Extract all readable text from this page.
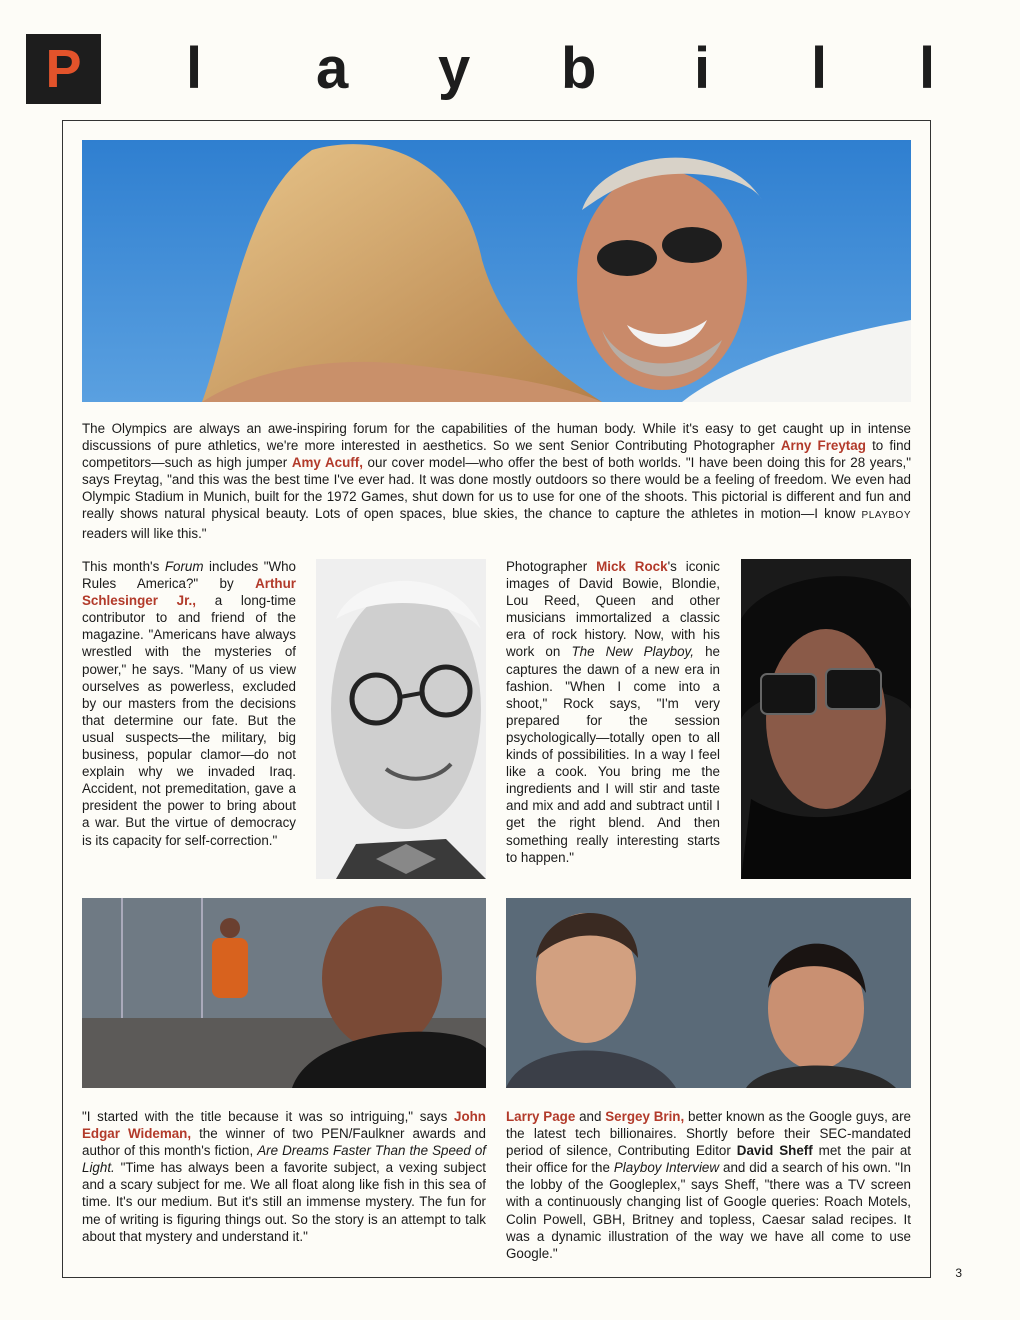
P	l a y b i l l
The Olympics are always an awe-inspiring forum for the capabilities of the human body. While it's easy to get caught up in intense discussions of pure athletics, we're more interested in aesthetics. So we sent Senior Contributing Photographer Arny Freytag to find competitors—such as high jumper Amy Acuff, our cover model—who offer the best of both worlds. "I have been doing this for 28 years," says Freytag, "and this was the best time I've ever had. It was done mostly outdoors so there would be a feeling of freedom. We even had Olympic Stadium in Munich, built for the 1972 Games, shut down for us to use for one of the shoots. This pictorial is different and fun and really shows natural physical beauty. Lots of open spaces, blue skies, the chance to capture the athletes in motion—I know PLAYBOY readers will like this."
This month's Forum includes "Who Rules America?" by Arthur Schlesinger Jr., a long-time contributor to and friend of the magazine. "Americans have always wrestled with the mysteries of power," he says. "Many of us view ourselves as powerless, excluded by our masters from the decisions that determine our fate. But the usual suspects—the military, big business, popular clamor—do not explain why we invaded Iraq. Accident, not premeditation, gave a president the power to bring about a war. But the virtue of democracy is its capacity for self-correction."
Photographer Mick Rock's iconic images of David Bowie, Blondie, Lou Reed, Queen and other musicians immortalized a classic era of rock history. Now, with his work on The New Playboy, he captures the dawn of a new era in fashion. "When I come into a shoot," Rock says, "I'm very prepared for the session psychologically—totally open to all kinds of possibilities. In a way I feel like a cook. You bring me the ingredients and I will stir and taste and mix and add and subtract until I get the right blend. And then something really interesting starts to happen."
"I started with the title because it was so intriguing," says John Edgar Wideman, the winner of two PEN/Faulkner awards and author of this month's fiction, Are Dreams Faster Than the Speed of Light. "Time has always been a favorite subject, a vexing subject and a scary subject for me. We all float along like fish in this sea of time. It's our medium. But it's still an immense mystery. The fun for me of writing is figuring things out. So the story is an attempt to talk about that mystery and understand it."
Larry Page and Sergey Brin, better known as the Google guys, are the latest tech billionaires. Shortly before their SEC-mandated period of silence, Contributing Editor David Sheff met the pair at their office for the Playboy Interview and did a search of his own. "In the lobby of the Googleplex," says Sheff, "there was a TV screen with a continuously changing list of Google queries: Roach Motels, Colin Powell, GBH, Britney and topless, Caesar salad recipes. It was a dynamic illustration of the way we have all come to use Google."
3
